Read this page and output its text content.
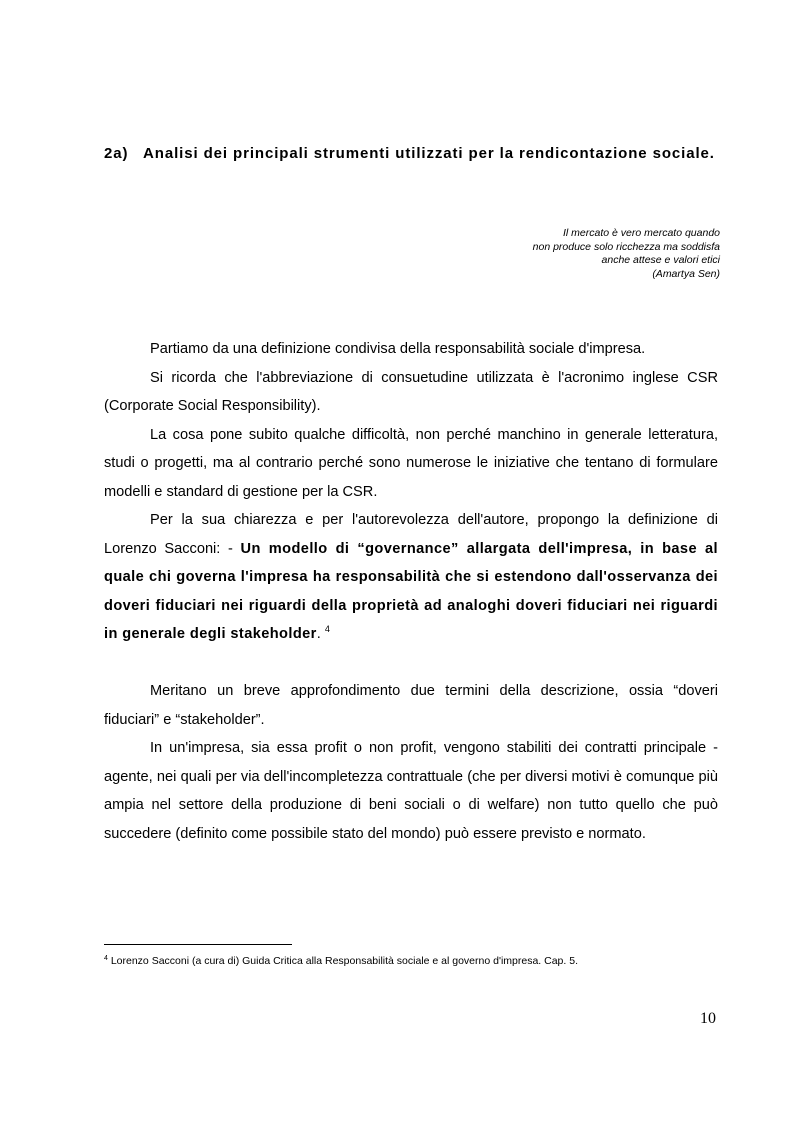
2a) Analisi dei principali strumenti utilizzati per la rendicontazione sociale.
Il mercato è vero mercato quando
non produce solo ricchezza ma soddisfa
anche attese e valori etici
(Amartya Sen)

Partiamo da una definizione condivisa della responsabilità sociale d'impresa.

Si ricorda che l'abbreviazione di consuetudine utilizzata è l'acronimo inglese CSR (Corporate Social Responsibility).

La cosa pone subito qualche difficoltà, non perché manchino in generale letteratura, studi o progetti, ma al contrario perché sono numerose le iniziative che tentano di formulare modelli e standard di gestione per la CSR.

Per la sua chiarezza e per l'autorevolezza dell'autore, propongo la definizione di Lorenzo Sacconi: - Un modello di “governance” allargata dell'impresa, in base al quale chi governa l'impresa ha responsabilità che si estendono dall'osservanza dei doveri fiduciari nei riguardi della proprietà ad analoghi doveri fiduciari nei riguardi in generale degli stakeholder. $^4$

Meritano un breve approfondimento due termini della descrizione, ossia “doveri fiduciari” e “stakeholder”.

In un'impresa, sia essa profit o non profit, vengono stabiliti dei contratti principale - agente, nei quali per via dell'incompletezza contrattuale (che per diversi motivi è comunque più ampia nel settore della produzione di beni sociali o di welfare) non tutto quello che può succedere (definito come possibile stato del mondo) può essere previsto e normato.

$^4$ Lorenzo Sacconi (a cura di) Guida Critica alla Responsabilità sociale e al governo d'impresa. Cap. 5.
10
